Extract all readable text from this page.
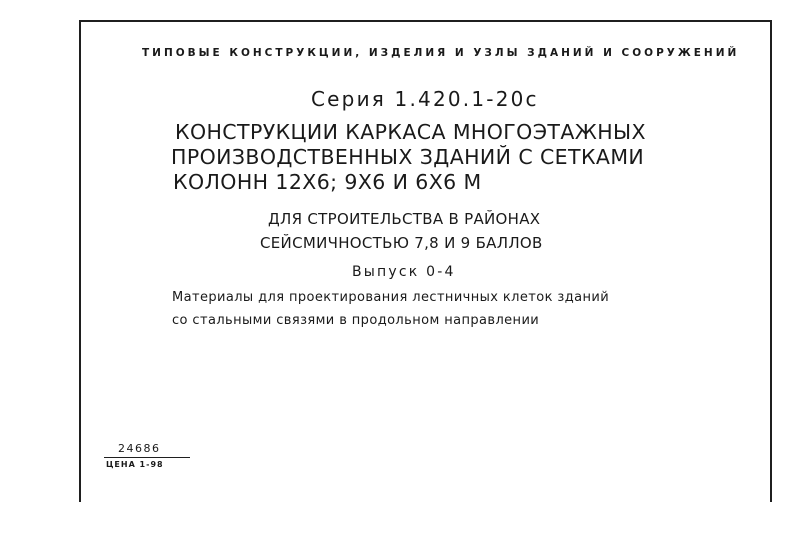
ТИПОВЫЕ КОНСТРУКЦИИ, ИЗДЕЛИЯ И УЗЛЫ ЗДАНИЙ И СООРУЖЕНИЙ
Серия 1.420.1-20с
КОНСТРУКЦИИ КАРКАСА МНОГОЭТАЖНЫХ
ПРОИЗВОДСТВЕННЫХ ЗДАНИЙ С СЕТКАМИ
КОЛОНН 12Х6; 9Х6 И 6Х6 М
ДЛЯ СТРОИТЕЛЬСТВА В РАЙОНАХ
СЕЙСМИЧНОСТЬЮ 7,8 И 9 БАЛЛОВ
Выпуск 0-4
Материалы для проектирования лестничных клеток зданий
со стальными связями в продольном направлении
24686
ЦЕНА 1-98
